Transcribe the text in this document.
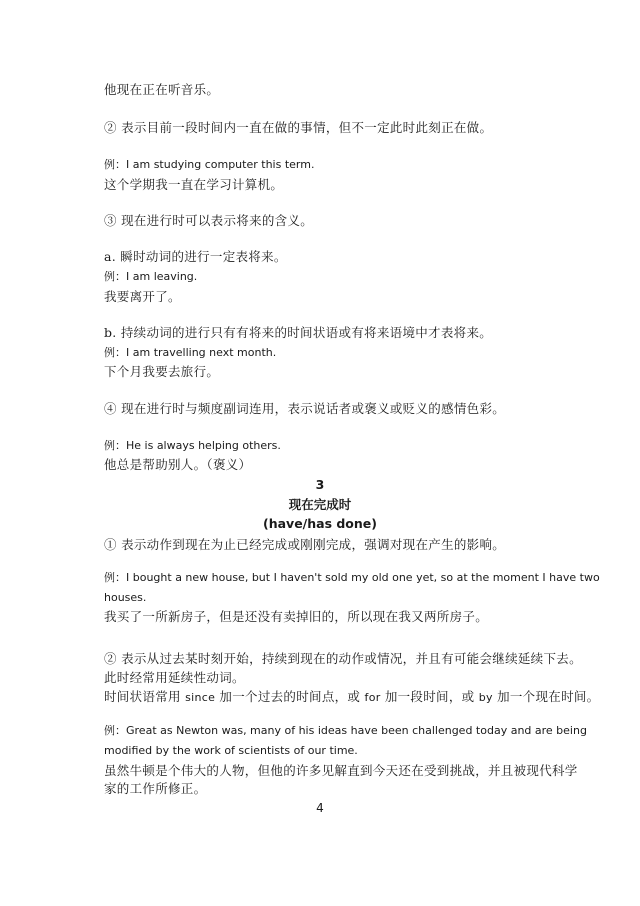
他现在正在听音乐。
② 表示目前一段时间内一直在做的事情，但不一定此时此刻正在做。
例：I am studying computer this term.
这个学期我一直在学习计算机。
③ 现在进行时可以表示将来的含义。
a. 瞬时动词的进行一定表将来。
例：I am leaving.
我要离开了。
b. 持续动词的进行只有有将来的时间状语或有将来语境中才表将来。
例：I am travelling next month.
下个月我要去旅行。
④ 现在进行时与频度副词连用，表示说话者或褒义或贬义的感情色彩。
例：He is always helping others.
他总是帮助别人。（褒义）
3
现在完成时
(have/has done)
① 表示动作到现在为止已经完成或刚刚完成，强调对现在产生的影响。
例：I bought a new house, but I haven't sold my old one yet, so at the moment I have two
houses.
我买了一所新房子，但是还没有卖掉旧的，所以现在我又两所房子。
② 表示从过去某时刻开始，持续到现在的动作或情况，并且有可能会继续延续下去。
此时经常用延续性动词。
时间状语常用 since 加一个过去的时间点，或 for 加一段时间，或 by 加一个现在时间。
例：Great as Newton was, many of his ideas have been challenged today and are being
modified by the work of scientists of our time.
虽然牛顿是个伟大的人物，但他的许多见解直到今天还在受到挑战，并且被现代科学
家的工作所修正。
4
